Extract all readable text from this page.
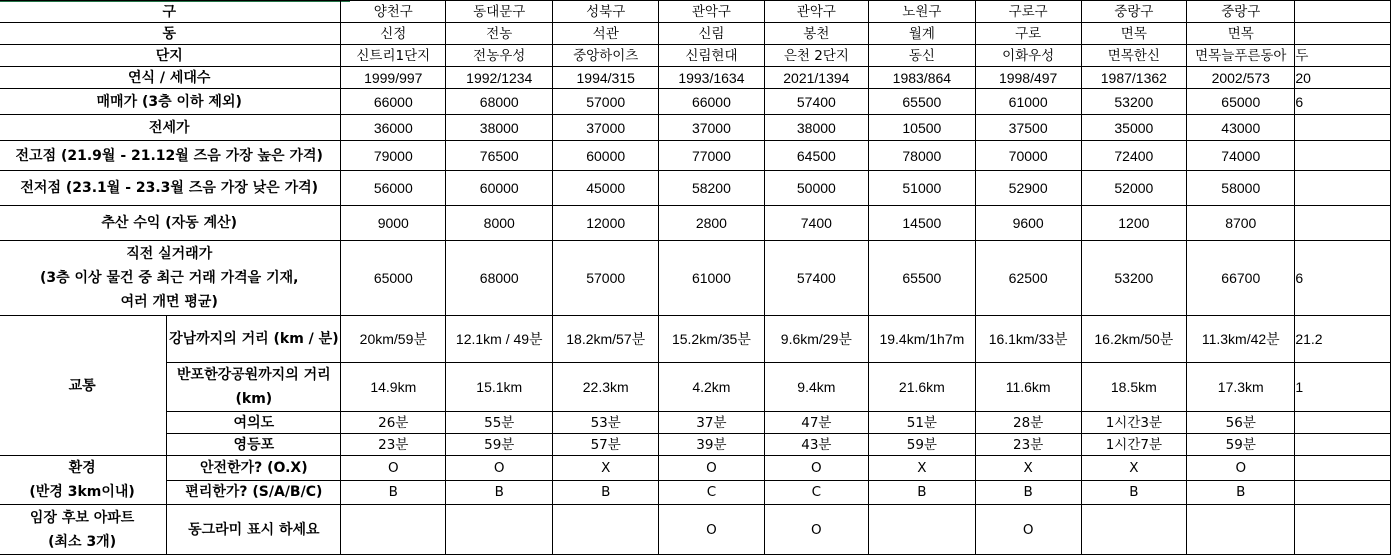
구		양천구	동대문구	성북구	관악구	관악구	노원구	구로구	중랑구	중랑구	
동		신정	전농	석관	신림	봉천	월계	구로	면목	면목	
단지		신트리1단지	전농우성	중앙하이츠	신림현대	은천 2단지	동신	이화우성	면목한신	면목늘푸른동아	두
연식 / 세대수		1999/997	1992/1234	1994/315	1993/1634	2021/1394	1983/864	1998/497	1987/1362	2002/573	20
매매가 (3층 이하 제외)		66000	68000	57000	66000	57400	65500	61000	53200	65000	6
전세가		36000	38000	37000	37000	38000	10500	37500	35000	43000	
전고점 (21.9월 - 21.12월 즈음 가장 높은 가격)		79000	76500	60000	77000	64500	78000	70000	72400	74000	
전저점 (23.1월 - 23.3월 즈음 가장 낮은 가격)		56000	60000	45000	58200	50000	51000	52900	52000	58000	
추산 수익 (자동 계산)		9000	8000	12000	2800	7400	14500	9600	1200	8700	

직전 실거래가
(3층 이상 물건 중 최근 거래 가격을 기재,
여러 개면 평균)		65000	68000	57000	61000	57400	65500	62500	53200	66700	6
교통	강남까지의 거리 (km / 분)	20km/59분	12.1km / 49분	18.2km/57분	15.2km/35분	9.6km/29분	19.4km/1h7m	16.1km/33분	16.2km/50분	11.3km/42분	21.2
	반포한강공원까지의 거리 (km)	14.9km	15.1km	22.3km	4.2km	9.4km	21.6km	11.6km	18.5km	17.3km	1
	여의도	26분	55분	53분	37분	47분	51분	28분	1시간3분	56분	
	영등포	23분	59분	57분	39분	43분	59분	23분	1시간7분	59분	

환경
(반경 3km이내)	안전한가? (O.X)	O	O	X	O	O	X	X	X	O	
	편리한가? (S/A/B/C)	B	B	B	C	C	B	B	B	B	

임장 후보 아파트
(최소 3개)	동그라미 표시 하세요				O	O		O			
